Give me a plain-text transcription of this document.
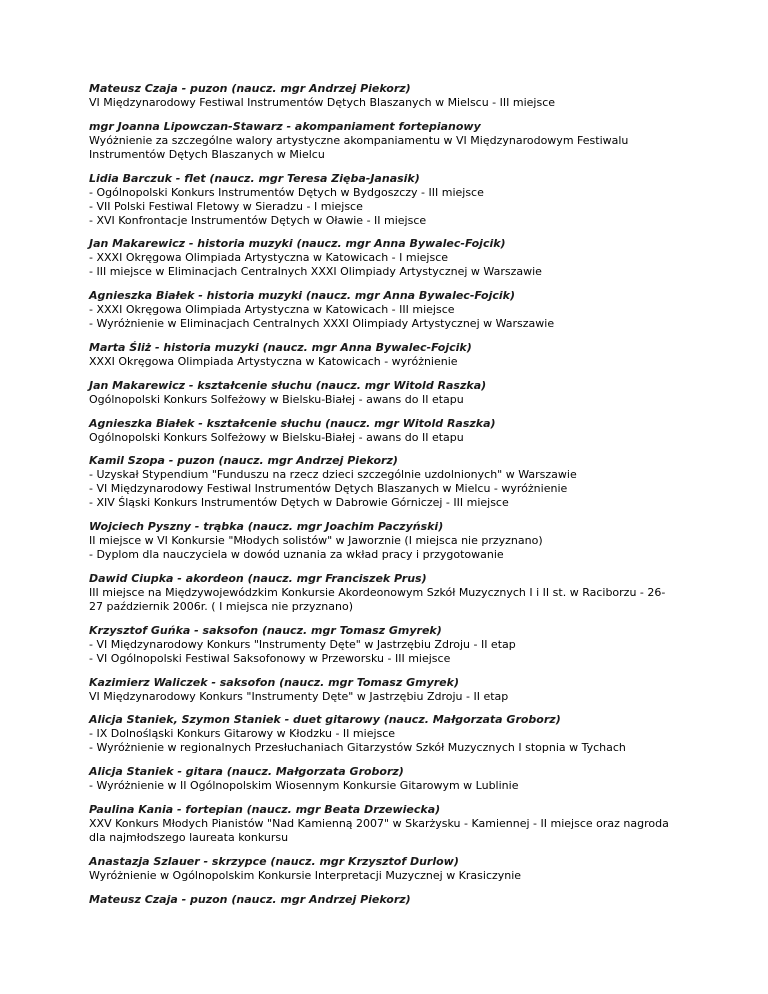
Mateusz Czaja - puzon (naucz. mgr Andrzej Piekorz)

VI Międzynarodowy Festiwal Instrumentów Dętych Blaszanych w Mielscu - III miejsce

mgr Joanna Lipowczan-Stawarz - akompaniament fortepianowy

Wyóżnienie za szczególne walory artystyczne akompaniamentu w VI Międzynarodowym Festiwalu Instrumentów Dętych Blaszanych w Mielcu

Lidia Barczuk - flet (naucz. mgr Teresa Zięba-Janasik)

- Ogólnopolski Konkurs Instrumentów Dętych w Bydgoszczy - III miejsce

- VII Polski Festiwal Fletowy w Sieradzu - I miejsce

- XVI Konfrontacje Instrumentów Dętych w Oławie - II miejsce

Jan Makarewicz - historia muzyki (naucz. mgr Anna Bywalec-Fojcik)

- XXXI Okręgowa Olimpiada Artystyczna w Katowicach - I miejsce

- III miejsce w Eliminacjach Centralnych XXXI Olimpiady Artystycznej w Warszawie

Agnieszka Białek - historia muzyki (naucz. mgr Anna Bywalec-Fojcik)

- XXXI Okręgowa Olimpiada Artystyczna w Katowicach - III miejsce

- Wyróżnienie w Eliminacjach Centralnych XXXI Olimpiady Artystycznej w Warszawie

Marta Śliż - historia muzyki (naucz. mgr Anna Bywalec-Fojcik)

XXXI Okręgowa Olimpiada Artystyczna w Katowicach - wyróżnienie

Jan Makarewicz - kształcenie słuchu (naucz. mgr Witold Raszka)

Ogólnopolski Konkurs Solfeżowy w Bielsku-Białej - awans do II etapu

Agnieszka Białek - kształcenie słuchu (naucz. mgr Witold Raszka)

Ogólnopolski Konkurs Solfeżowy w Bielsku-Białej - awans do II etapu

Kamil Szopa - puzon (naucz. mgr Andrzej Piekorz)

- Uzyskał Stypendium "Funduszu na rzecz dzieci szczególnie uzdolnionych" w Warszawie

- VI Międzynarodowy Festiwal Instrumentów Dętych Blaszanych w Mielcu - wyróżnienie

- XIV Śląski Konkurs Instrumentów Dętych w Dabrowie Górniczej - III miejsce

Wojciech Pyszny - trąbka (naucz. mgr Joachim Paczyński)

II miejsce w VI Konkursie "Młodych solistów" w Jaworznie (I miejsca nie przyznano)

- Dyplom dla nauczyciela w dowód uznania za wkład pracy i przygotowanie

Dawid Ciupka - akordeon (naucz. mgr Franciszek Prus)

III miejsce na Międzywojewódzkim Konkursie Akordeonowym Szkół Muzycznych I i II st. w Raciborzu - 26-27 październik 2006r. ( I miejsca nie przyznano)

Krzysztof Guńka - saksofon (naucz. mgr Tomasz Gmyrek)

- VI Międzynarodowy Konkurs "Instrumenty Dęte" w Jastrzębiu Zdroju - II etap

- VI Ogólnopolski Festiwal Saksofonowy w Przeworsku - III miejsce

Kazimierz Waliczek - saksofon (naucz. mgr Tomasz Gmyrek)

VI Międzynarodowy Konkurs "Instrumenty Dęte" w Jastrzębiu Zdroju - II etap

Alicja Staniek, Szymon Staniek - duet gitarowy (naucz. Małgorzata Groborz)

- IX Dolnośląski Konkurs Gitarowy w Kłodzku - II miejsce

- Wyróżnienie w regionalnych Przesłuchaniach Gitarzystów Szkół Muzycznych I stopnia w Tychach

Alicja Staniek - gitara (naucz. Małgorzata Groborz)

- Wyróżnienie w II Ogólnopolskim Wiosennym Konkursie Gitarowym w Lublinie

Paulina Kania - fortepian (naucz. mgr Beata Drzewiecka)

XXV Konkurs Młodych Pianistów "Nad Kamienną 2007" w Skarżysku - Kamiennej - II miejsce oraz nagroda dla najmłodszego laureata konkursu

Anastazja Szlauer - skrzypce (naucz. mgr Krzysztof Durlow)

Wyróżnienie w Ogólnopolskim Konkursie Interpretacji Muzycznej w Krasiczynie

Mateusz Czaja - puzon (naucz. mgr Andrzej Piekorz)
